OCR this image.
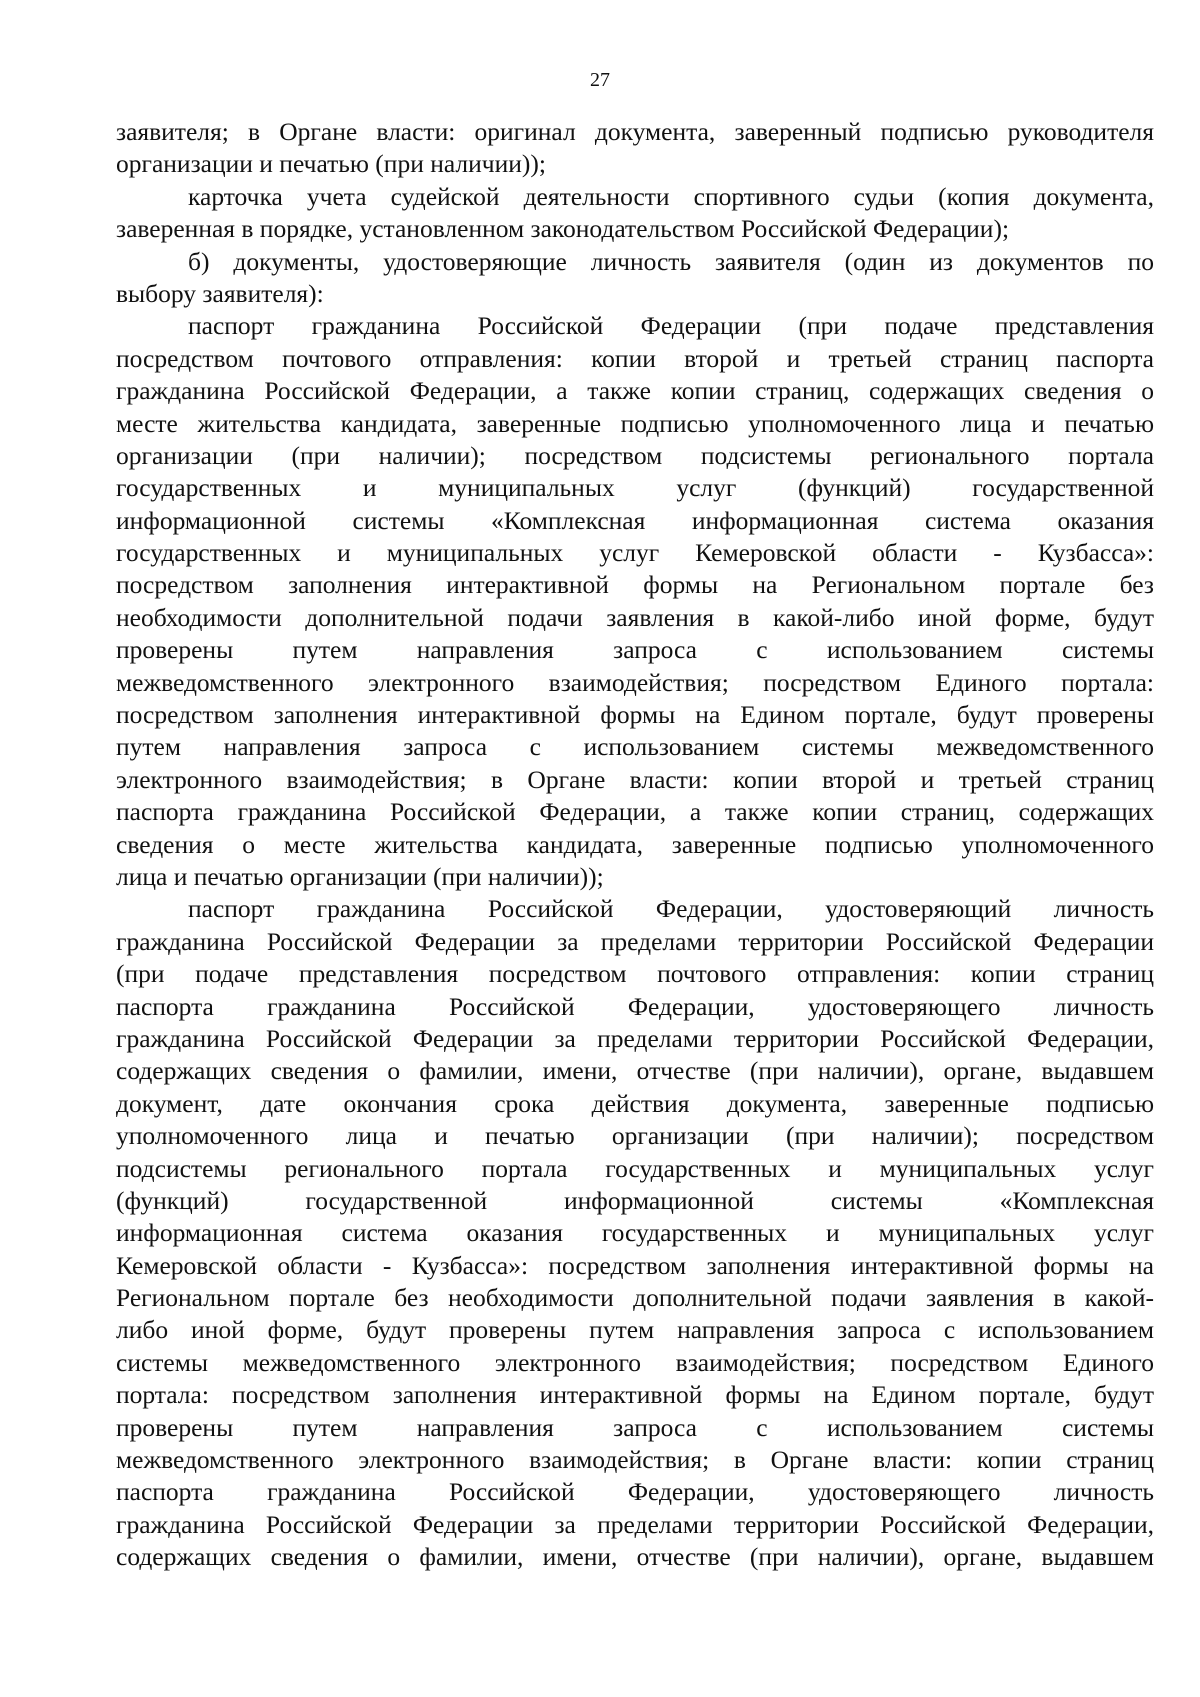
27
заявителя; в Органе власти: оригинал документа, заверенный подписью руководителя
организации и печатью (при наличии));
карточка учета судейской деятельности спортивного судьи (копия документа,
заверенная в порядке, установленном законодательством Российской Федерации);
б) документы, удостоверяющие личность заявителя (один из документов по
выбору заявителя):
паспорт гражданина Российской Федерации (при подаче представления
посредством почтового отправления: копии второй и третьей страниц паспорта
гражданина Российской Федерации, а также копии страниц, содержащих сведения о
месте жительства кандидата, заверенные подписью уполномоченного лица и печатью
организации (при наличии); посредством подсистемы регионального портала
государственных и муниципальных услуг (функций) государственной
информационной системы «Комплексная информационная система оказания
государственных и муниципальных услуг Кемеровской области - Кузбасса»:
посредством заполнения интерактивной формы на Региональном портале без
необходимости дополнительной подачи заявления в какой-либо иной форме, будут
проверены путем направления запроса с использованием системы
межведомственного электронного взаимодействия; посредством Единого портала:
посредством заполнения интерактивной формы на Едином портале, будут проверены
путем направления запроса с использованием системы межведомственного
электронного взаимодействия; в Органе власти: копии второй и третьей страниц
паспорта гражданина Российской Федерации, а также копии страниц, содержащих
сведения о месте жительства кандидата, заверенные подписью уполномоченного
лица и печатью организации (при наличии));
паспорт гражданина Российской Федерации, удостоверяющий личность
гражданина Российской Федерации за пределами территории Российской Федерации
(при подаче представления посредством почтового отправления: копии страниц
паспорта гражданина Российской Федерации, удостоверяющего личность
гражданина Российской Федерации за пределами территории Российской Федерации,
содержащих сведения о фамилии, имени, отчестве (при наличии), органе, выдавшем
документ, дате окончания срока действия документа, заверенные подписью
уполномоченного лица и печатью организации (при наличии); посредством
подсистемы регионального портала государственных и муниципальных услуг
(функций) государственной информационной системы «Комплексная
информационная система оказания государственных и муниципальных услуг
Кемеровской области - Кузбасса»: посредством заполнения интерактивной формы на
Региональном портале без необходимости дополнительной подачи заявления в какой-
либо иной форме, будут проверены путем направления запроса с использованием
системы межведомственного электронного взаимодействия; посредством Единого
портала: посредством заполнения интерактивной формы на Едином портале, будут
проверены путем направления запроса с использованием системы
межведомственного электронного взаимодействия; в Органе власти: копии страниц
паспорта гражданина Российской Федерации, удостоверяющего личность
гражданина Российской Федерации за пределами территории Российской Федерации,
содержащих сведения о фамилии, имени, отчестве (при наличии), органе, выдавшем
